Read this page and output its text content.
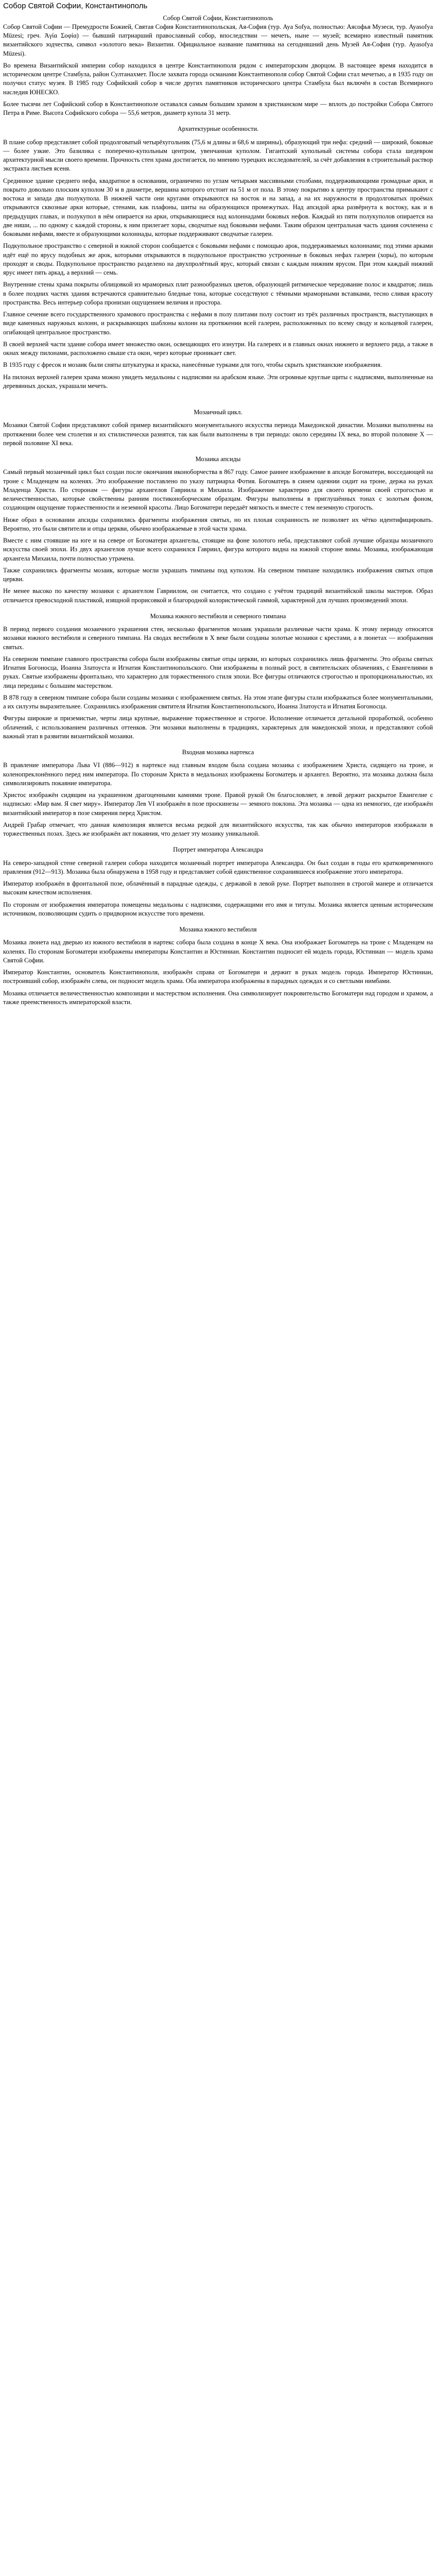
Собор Святой Софии, Константинополь
Собор Святой Софии, Константинополь

Собор Святой Софии — Премудрости Божией, Святая София Константинопольская, Ая-София (тур. Aya Sofya, полностью: Аясофья Музеси, тур. Ayasofya Müzesi; греч. Ἁγία Σοφία) — бывший патриарший православный собор, впоследствии — мечеть, ныне — музей; всемирно известный памятник византийского зодчества, символ «золотого века» Византии. Официальное название памятника на сегодняшний день Музей Ая-София (тур. Ayasofya Müzesi).

Во времена Византийской империи собор находился в центре Константинополя рядом с императорским дворцом. В настоящее время находится в историческом центре Стамбула, район Султанахмет. После захвата города османами Константинополя собор Святой Софии стал мечетью, а в 1935 году он получил статус музея. В 1985 году Софийский собор в числе других памятников исторического центра Стамбула был включён в состав Всемирного наследия ЮНЕСКО.

Более тысячи лет Софийский собор в Константинополе оставался самым большим храмом в христианском мире — вплоть до постройки Собора Святого Петра в Риме. Высота Софийского собора — 55,6 метров, диаметр купола 31 метр.

Архитектурные особенности.

В плане собор представляет собой продолговатый четырёхугольник (75,6 м длины и 68,6 м ширины), образующий три нефа: средний — широкий, боковые — более узкие. Это базилика с поперечно-купольным центром, увенчанная куполом. Гигантский купольный системы собора стала шедевром архитектурной мысли своего времени. Прочность стен храма достигается, по мнению турецких исследователей, за счёт добавления в строительный раствор экстракта листьев ясеня.

Срединное здание среднего нефа, квадратное в основании, ограничено по углам четырьмя массивными столбами, поддерживающими громадные арки, и покрыто довольно плоским куполом 30 м в диаметре, вершина которого отстоит на 51 м от пола. В этому покрытию к центру пространства примыкают с востока и запада два полукупола. В нижней части они кругами открываются на восток и на запад, а на их наружности в продолговатых проёмах открываются сквозные арки которые, стенами, как плафоны, шиты на образующихся промежутках. Над апсидой арка развёрнута к востоку, как и в предыдущих главах, и полукупол в нём опирается на арки, открывающиеся над колоннадами боковых нефов. Каждый из пяти полукуполов опирается на две ниши, ... по одному с каждой стороны, к ним прилегает хоры, сводчатые над боковыми нефами. Таким образом центральная часть здания сочленена с боковыми нефами, вместе и образующими колоннады, которые поддерживают сводчатые галереи.

Подкупольное пространство с северной и южной сторон сообщается с боковыми нефами с помощью арок, поддерживаемых колоннами; под этими арками идёт ещё по ярусу подобных же арок, которыми открываются в подкупольное пространство устроенные в боковых нефах галереи (хоры), по которым проходят и своды. Подкупольное пространство разделено на двухпролётный ярус, который связан с каждым нижним ярусом. При этом каждый нижний ярус имеет пять аркад, а верхний — семь.

Внутренние стены храма покрыты облицовкой из мраморных плит разнообразных цветов, образующей ритмическое чередование полос и квадратов; лишь в более поздних частях здания встречаются сравнительно бледные тона, которые соседствуют с тёмными мраморными вставками, тесно сливая красоту пространства. Весь интерьер собора пронизан ощущением величия и простора.

Главное сечение всего государственного храмового пространства с нефами в полу плитами полу состоит из трёх различных пространств, выступающих в виде каменных наружных колонн, и раскрывающих шаблоны колонн на протяжении всей галереи, расположенных по всему своду и кольцевой галереи, огибающей центральное пространство.

В своей верхней части здание собора имеет множество окон, освещающих его изнутри. На галереях и в главных окнах нижнего и верхнего ряда, а также в окнах между пилонами, расположено свыше ста окон, через которые проникает свет.

В 1935 году с фресок и мозаик были сняты штукатурка и краска, нанесённые турками для того, чтобы скрыть христианские изображения.

На пилонах верхней галереи храма можно увидеть медальоны с надписями на арабском языке. Эти огромные круглые щиты с надписями, выполненные на деревянных досках, украшали мечеть.

Мозаичный цикл.

Мозаики Святой Софии представляют собой пример византийского монументального искусства периода Македонской династии. Мозаики выполнены на протяжении более чем столетия и их стилистически разнятся, так как были выполнены в три периода: около середины IX века, во второй половине X — первой половине XI века.

Мозаика апсиды

Самый первый мозаичный цикл был создан после окончания иконоборчества в 867 году. Самое раннее изображение в апсиде Богоматери, восседающей на троне с Младенцем на коленях. Это изображение поставлено по указу патриарха Фотия. Богоматерь в синем одеянии сидит на троне, держа на руках Младенца Христа. По сторонам — фигуры архангелов Гавриила и Михаила. Изображение характерно для своего времени своей строгостью и величественностью, которые свойственны ранним постиконоборческим образцам. Фигуры выполнены в приглушённых тонах с золотым фоном, создающим ощущение торжественности и неземной красоты. Лицо Богоматери передаёт мягкость и вместе с тем неземную строгость.

Ниже образ в основании апсиды сохранились фрагменты изображения святых, но их плохая сохранность не позволяет их чётко идентифицировать. Вероятно, это были святители и отцы церкви, обычно изображаемые в этой части храма.

Вместе с ним стоявшие на юге и на севере от Богоматери архангелы, стоящие на фоне золотого неба, представляют собой лучшие образцы мозаичного искусства своей эпохи. Из двух архангелов лучше всего сохранился Гавриил, фигура которого видна на южной стороне вимы. Мозаика, изображающая архангела Михаила, почти полностью утрачена.

Также сохранились фрагменты мозаик, которые могли украшать тимпаны под куполом. На северном тимпане находились изображения святых отцов церкви.

Не менее высоко по качеству мозаики с архангелом Гавриилом, он считается, что создано с учётом традиций византийской школы мастеров. Образ отличается превосходной пластикой, изящной прорисовкой и благородной колористической гаммой, характерной для лучших произведений эпохи.

Мозаика южного вестибюля и северного тимпана

В период первого создания мозаичного украшения стен, несколько фрагментов мозаик украшали различные части храма. К этому периоду относятся мозаики южного вестибюля и северного тимпана. На сводах вестибюля в X веке были созданы золотые мозаики с крестами, а в люнетах — изображения святых.

На северном тимпане главного пространства собора были изображены святые отцы церкви, из которых сохранились лишь фрагменты. Это образы святых Игнатия Богоносца, Иоанна Златоуста и Игнатия Константинопольского. Они изображены в полный рост, в святительских облачениях, с Евангелиями в руках. Святые изображены фронтально, что характерно для торжественного стиля эпохи. Все фигуры отличаются строгостью и пропорциональностью, их лица переданы с большим мастерством.

В 878 году в северном тимпане собора были созданы мозаики с изображением святых. На этом этапе фигуры стали изображаться более монументальными, а их силуэты выразительнее. Сохранились изображения святителя Игнатия Константинопольского, Иоанна Златоуста и Игнатия Богоносца.

Фигуры широкие и приземистые, черты лица крупные, выражение торжественное и строгое. Исполнение отличается детальной проработкой, особенно облачений, с использованием различных оттенков. Эти мозаики выполнены в традициях, характерных для македонской эпохи, и представляют собой важный этап в развитии византийской мозаики.

Входная мозаика нартекса

В правление императора Льва VI (886—912) в нартексе над главным входом была создана мозаика с изображением Христа, сидящего на троне, и коленопреклонённого перед ним императора. По сторонам Христа в медальонах изображены Богоматерь и архангел. Вероятно, эта мозаика должна была символизировать покаяние императора.

Христос изображён сидящим на украшенном драгоценными камнями троне. Правой рукой Он благословляет, в левой держит раскрытое Евангелие с надписью: «Мир вам. Я свет миру». Император Лев VI изображён в позе проскинезы — земного поклона. Эта мозаика — одна из немногих, где изображён византийский император в позе смирения перед Христом.

Андрей Грабар отмечает, что данная композиция является весьма редкой для византийского искусства, так как обычно императоров изображали в торжественных позах. Здесь же изображён акт покаяния, что делает эту мозаику уникальной.

Портрет императора Александра

На северо-западной стене северной галереи собора находится мозаичный портрет императора Александра. Он был создан в годы его кратковременного правления (912—913). Мозаика была обнаружена в 1958 году и представляет собой единственное сохранившееся изображение этого императора.

Император изображён в фронтальной позе, облачённый в парадные одежды, с державой в левой руке. Портрет выполнен в строгой манере и отличается высоким качеством исполнения.

По сторонам от изображения императора помещены медальоны с надписями, содержащими его имя и титулы. Мозаика является ценным историческим источником, позволяющим судить о придворном искусстве того времени.

Мозаика южного вестибюля

Мозаика люнета над дверью из южного вестибюля в нартекс собора была создана в конце X века. Она изображает Богоматерь на троне с Младенцем на коленях. По сторонам Богоматери изображены императоры Константин и Юстиниан. Константин подносит ей модель города, Юстиниан — модель храма Святой Софии.

Император Константин, основатель Константинополя, изображён справа от Богоматери и держит в руках модель города. Император Юстиниан, построивший собор, изображён слева, он подносит модель храма. Оба императора изображены в парадных одеждах и со светлыми нимбами.

Мозаика отличается величественностью композиции и мастерством исполнения. Она символизирует покровительство Богоматери над городом и храмом, а также преемственность императорской власти.
